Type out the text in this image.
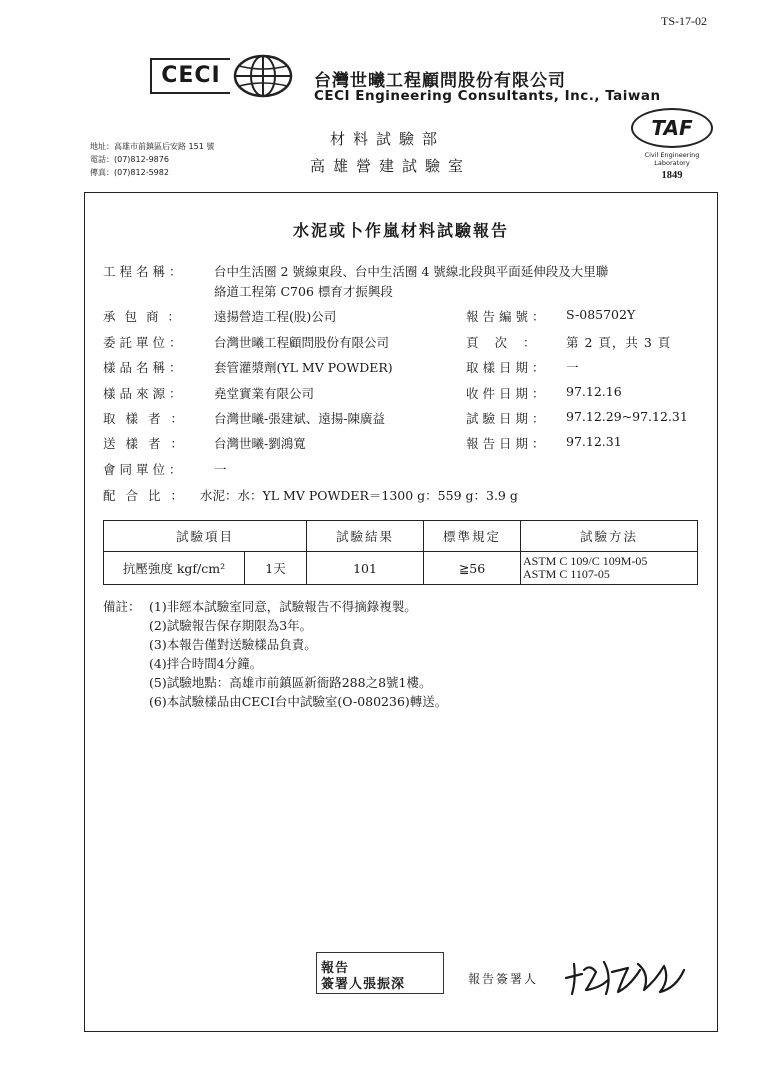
TS-17-02
CECI	台灣世曦工程顧問股份有限公司
CECI Engineering Consultants, Inc., Taiwan
地址：高雄市前鎮區后安路 151 號
電話：(07)812-9876
傳真：(07)812-5982
材料試驗部
高雄營建試驗室
TAF
Civil Engineering Laboratory
1849
水泥或卜作嵐材料試驗報告
工程名稱： 台中生活圈 2 號線東段、台中生活圈 4 號線北段與平面延伸段及大里聯
絡道工程第 C706 標育才振興段
承包商： 遠揚營造工程(股)公司
委託單位： 台灣世曦工程顧問股份有限公司
樣品名稱： 套管灌漿劑(YL MV POWDER)
樣品來源： 堯堂實業有限公司
取樣者： 台灣世曦-張建斌、遠揚-陳廣益
送樣者： 台灣世曦-劉鴻寬
會同單位： 一
配合比： 水泥：水：YL MV POWDER＝1300 g：559 g：3.9 g
報告編號： S-085702Y
頁次： 第 2 頁，共 3 頁
取樣日期： 一
收件日期： 97.12.16
試驗日期： 97.12.29~97.12.31
報告日期： 97.12.31
試驗項目		試驗結果	標準規定	試驗方法
抗壓強度 kgf/cm²	1天	101	≧56	ASTM C 109/C 109M-05
ASTM C 1107-05
備註： (1)非經本試驗室同意，試驗報告不得摘錄複製。
(2)試驗報告保存期限為3年。
(3)本報告僅對送驗樣品負責。
(4)拌合時間4分鐘。
(5)試驗地點：高雄市前鎮區新衙路288之8號1樓。
(6)本試驗樣品由CECI台中試驗室(O-080236)轉送。
報告
簽署人張振深	報告簽署人
